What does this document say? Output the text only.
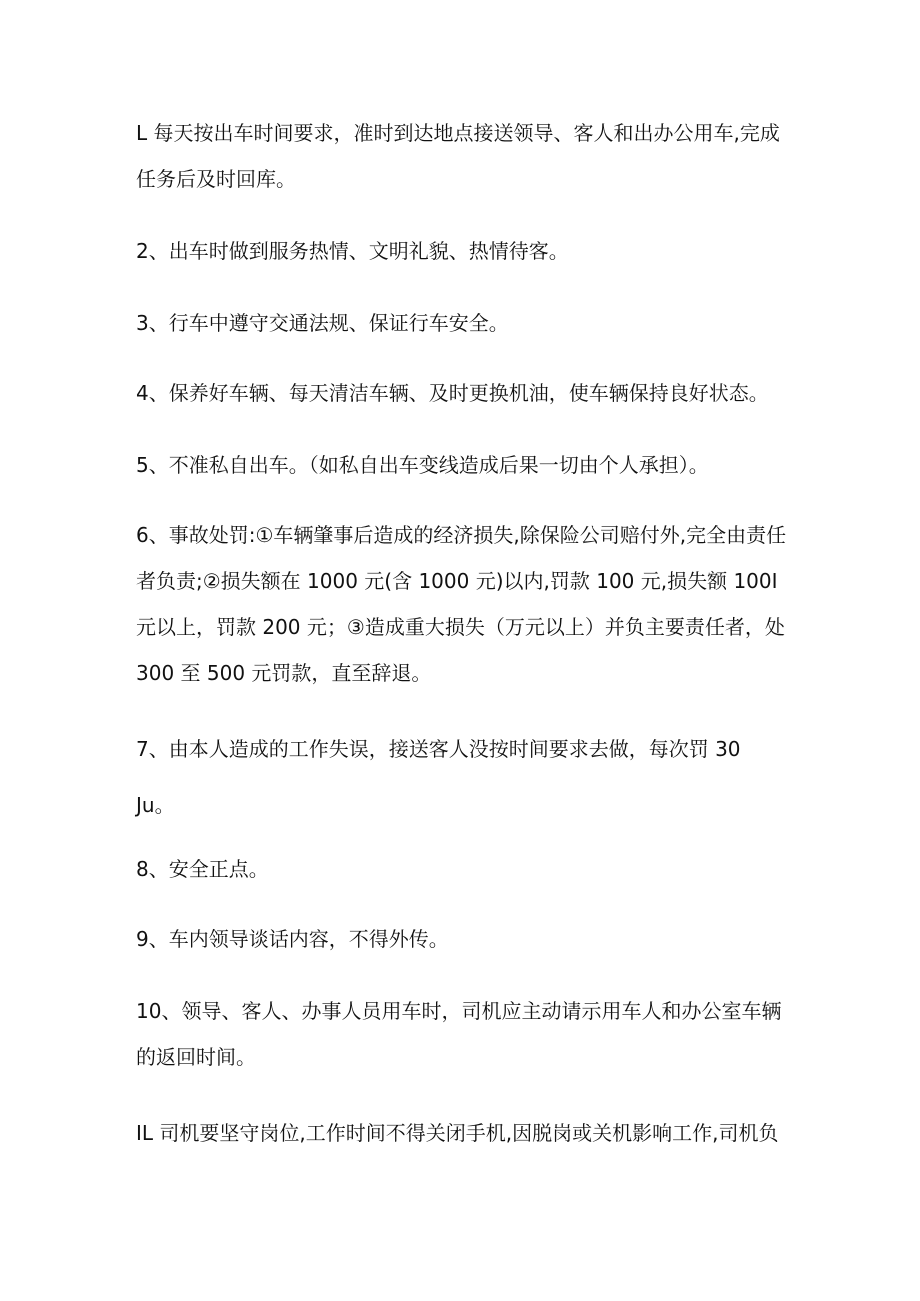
L 每天按出车时间要求，准时到达地点接送领导、客人和出办公用车,完成
任务后及时回库。

2、出车时做到服务热情、文明礼貌、热情待客。

3、行车中遵守交通法规、保证行车安全。

4、保养好车辆、每天清洁车辆、及时更换机油，使车辆保持良好状态。

5、不准私自出车。（如私自出车变线造成后果一切由个人承担）。

6、事故处罚:①车辆肇事后造成的经济损失,除保险公司赔付外,完全由责任
者负责;②损失额在 1000 元(含 1000 元)以内,罚款 100 元,损失额 100I
元以上，罚款 200 元；③造成重大损失（万元以上）并负主要责任者，处
300 至 500 元罚款，直至辞退。

7、由本人造成的工作失误，接送客人没按时间要求去做，每次罚 30

Ju。

8、安全正点。

9、车内领导谈话内容，不得外传。

10、领导、客人、办事人员用车时，司机应主动请示用车人和办公室车辆
的返回时间。

IL 司机要坚守岗位,工作时间不得关闭手机,因脱岗或关机影响工作,司机负
